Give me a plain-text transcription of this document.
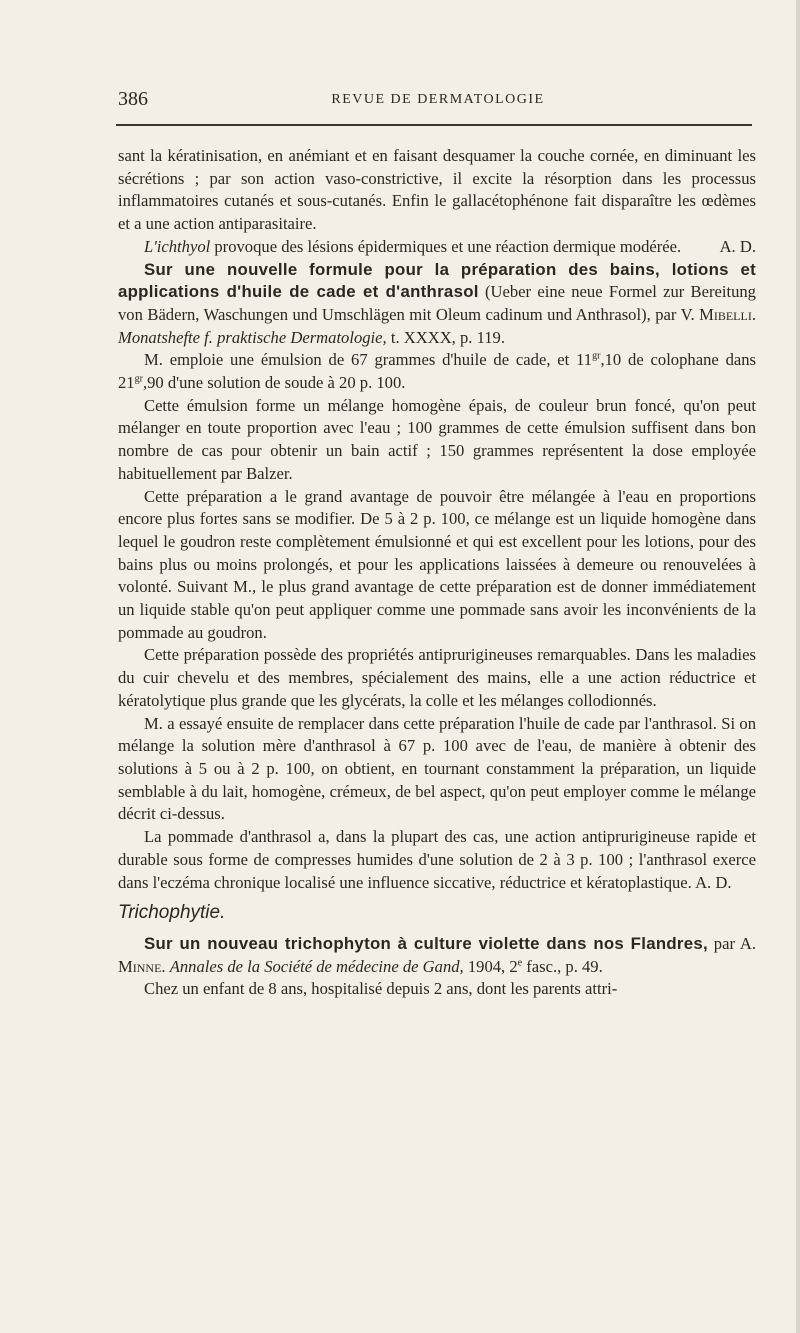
386	REVUE DE DERMATOLOGIE

sant la kératinisation, en anémiant et en faisant desquamer la couche cornée, en diminuant les sécrétions ; par son action vaso-constrictive, il excite la résorption dans les processus inflammatoires cutanés et sous-cutanés. Enfin le gallacétophénone fait disparaître les œdèmes et a une action antiparasitaire.

L'ichthyol provoque des lésions épidermiques et une réaction dermique modérée.	A. D.

Sur une nouvelle formule pour la préparation des bains, lotions et applications d'huile de cade et d'anthrasol (Ueber eine neue Formel zur Bereitung von Bädern, Waschungen und Umschlägen mit Oleum cadinum und Anthrasol), par V. Mibelli. Monatshefte f. praktische Dermatologie, t. XXXX, p. 119.

M. emploie une émulsion de 67 grammes d'huile de cade, et $11^{gr},10$ de colophane dans $21^{gr},90$ d'une solution de soude à 20 p. 100.

Cette émulsion forme un mélange homogène épais, de couleur brun foncé, qu'on peut mélanger en toute proportion avec l'eau ; 100 grammes de cette émulsion suffisent dans bon nombre de cas pour obtenir un bain actif ; 150 grammes représentent la dose employée habituellement par Balzer.

Cette préparation a le grand avantage de pouvoir être mélangée à l'eau en proportions encore plus fortes sans se modifier. De 5 à 2 p. 100, ce mélange est un liquide homogène dans lequel le goudron reste complètement émulsionné et qui est excellent pour les lotions, pour des bains plus ou moins prolongés, et pour les applications laissées à demeure ou renouvelées à volonté. Suivant M., le plus grand avantage de cette préparation est de donner immédiatement un liquide stable qu'on peut appliquer comme une pommade sans avoir les inconvénients de la pommade au goudron.

Cette préparation possède des propriétés antiprurigineuses remarquables. Dans les maladies du cuir chevelu et des membres, spécialement des mains, elle a une action réductrice et kératolytique plus grande que les glycérats, la colle et les mélanges collodionnés.

M. a essayé ensuite de remplacer dans cette préparation l'huile de cade par l'anthrasol. Si on mélange la solution mère d'anthrasol à 67 p. 100 avec de l'eau, de manière à obtenir des solutions à 5 ou à 2 p. 100, on obtient, en tournant constamment la préparation, un liquide semblable à du lait, homogène, crémeux, de bel aspect, qu'on peut employer comme le mélange décrit ci-dessus.

La pommade d'anthrasol a, dans la plupart des cas, une action antiprurigineuse rapide et durable sous forme de compresses humides d'une solution de 2 à 3 p. 100 ; l'anthrasol exerce dans l'eczéma chronique localisé une influence siccative, réductrice et kératoplastique. A. D.

Trichophytie.

Sur un nouveau trichophyton à culture violette dans nos Flandres, par A. Minne. Annales de la Société de médecine de Gand, 1904, 2e fasc., p. 49.

Chez un enfant de 8 ans, hospitalisé depuis 2 ans, dont les parents attri-
